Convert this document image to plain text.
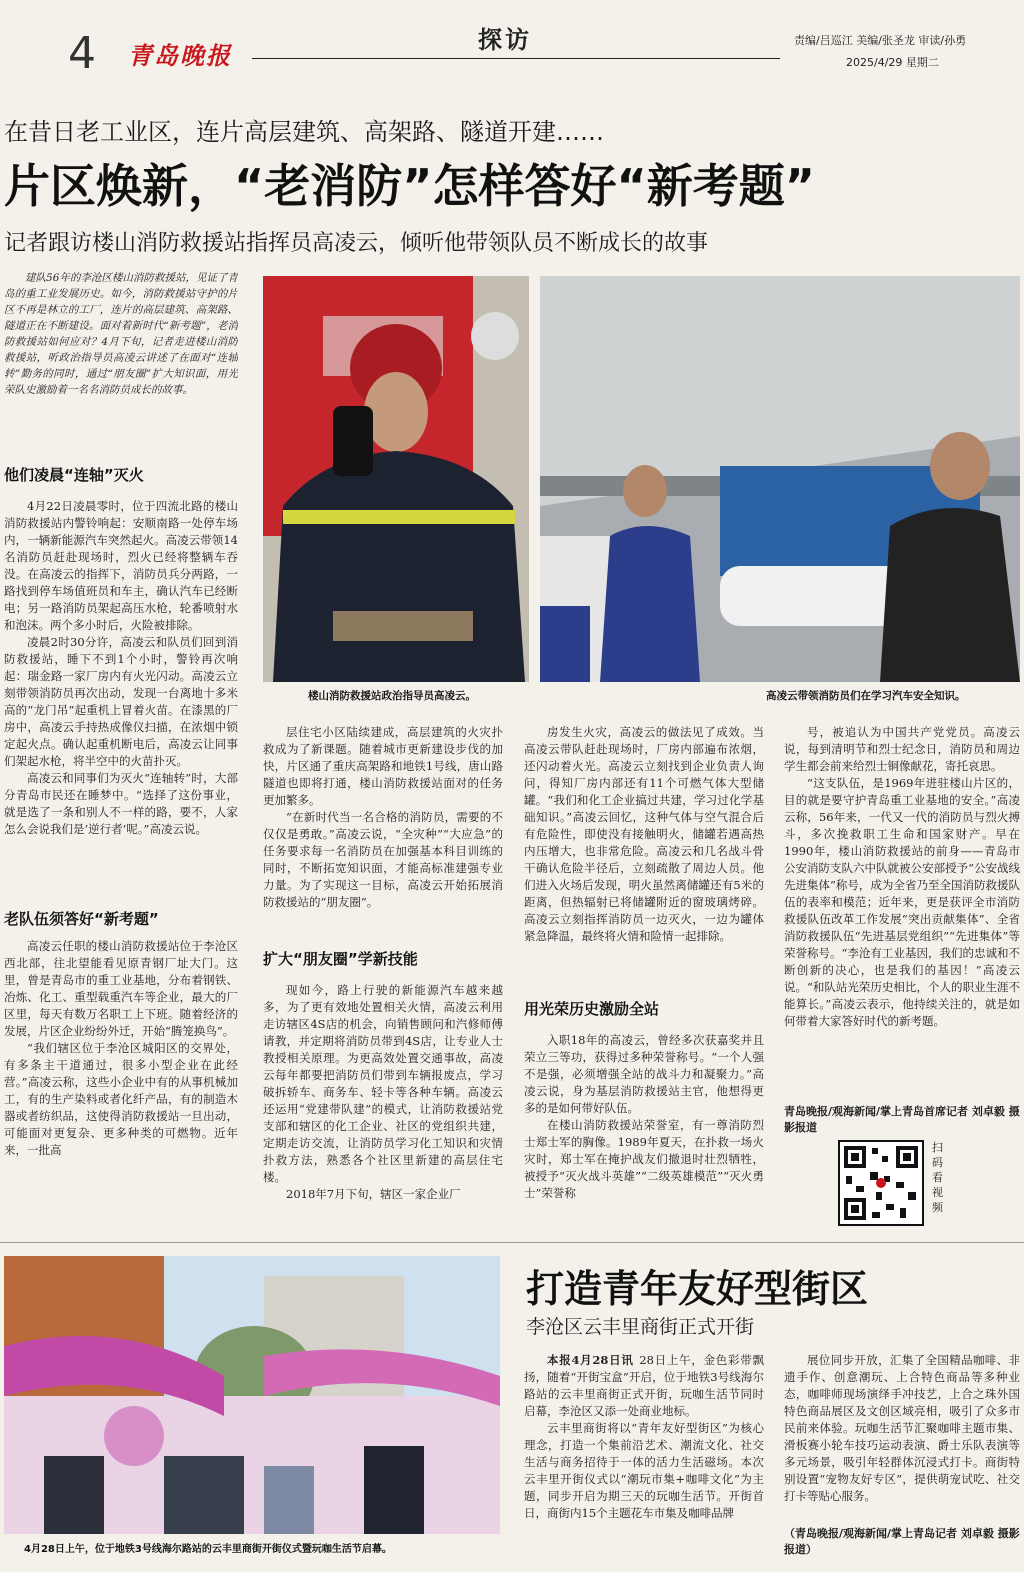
4 青岛晚报
探访	责编/吕巡江 美编/张圣龙 审读/孙勇
2025/4/29 星期二
在昔日老工业区，连片高层建筑、高架路、隧道开建……
片区焕新，“老消防”怎样答好“新考题”
记者跟访楼山消防救援站指挥员高凌云，倾听他带领队员不断成长的故事

建队56年的李沧区楼山消防救援站，见证了青岛的重工业发展历史。如今，消防救援站守护的片区不再是林立的工厂，连片的高层建筑、高架路、隧道正在不断建设。面对着新时代“新考题”，老消防救援站如何应对？4月下旬，记者走进楼山消防救援站，听政治指导员高凌云讲述了在面对“连轴转”勤务的同时，通过“朋友圈”扩大知识面，用光荣队史激励着一名名消防员成长的故事。

他们凌晨“连轴”灭火

4月22日凌晨零时，位于四流北路的楼山消防救援站内警铃响起：安顺南路一处停车场内，一辆新能源汽车突然起火。高凌云带领14名消防员赶赴现场时，烈火已经将整辆车吞没。在高凌云的指挥下，消防员兵分两路，一路找到停车场值班员和车主，确认汽车已经断电；另一路消防员架起高压水枪，轮番喷射水和泡沫。两个多小时后，火险被排除。

凌晨2时30分许，高凌云和队员们回到消防救援站，睡下不到1个小时，警铃再次响起：瑞金路一家厂房内有火光闪动。高凌云立刻带领消防员再次出动，发现一台离地十多米高的“龙门吊”起重机上冒着火苗。在漆黑的厂房中，高凌云手持热成像仪扫描，在浓烟中锁定起火点。确认起重机断电后，高凌云让同事们架起水枪，将半空中的火苗扑灭。

高凌云和同事们为灭火“连轴转”时，大部分青岛市民还在睡梦中。“选择了这份事业，就是选了一条和别人不一样的路，要不，人家怎么会说我们是‘逆行者’呢。”高凌云说。

老队伍须答好“新考题”

高凌云任职的楼山消防救援站位于李沧区西北部，往北望能看见原青钢厂址大门。这里，曾是青岛市的重工业基地，分布着钢铁、冶炼、化工、重型载重汽车等企业，最大的厂区里，每天有数万名职工上下班。随着经济的发展，片区企业纷纷外迁，开始“腾笼换鸟”。

“我们辖区位于李沧区城阳区的交界处，有多条主干道通过，很多小型企业在此经营。”高凌云称，这些小企业中有的从事机械加工，有的生产染料或者化纤产品，有的制造木器或者纺织品，这使得消防救援站一旦出动，可能面对更复杂、更多种类的可燃物。近年来，一批高

楼山消防救援站政治指导员高凌云。	高凌云带领消防员们在学习汽车安全知识。

层住宅小区陆续建成，高层建筑的火灾扑救成为了新课题。随着城市更新建设步伐的加快，片区通了重庆高架路和地铁1号线，唐山路隧道也即将打通，楼山消防救援站面对的任务更加繁多。

“在新时代当一名合格的消防员，需要的不仅仅是勇敢。”高凌云说，“全灾种”“大应急”的任务要求每一名消防员在加强基本科目训练的同时，不断拓宽知识面，才能高标准建强专业力量。为了实现这一目标，高凌云开始拓展消防救援站的“朋友圈”。

扩大“朋友圈”学新技能

现如今，路上行驶的新能源汽车越来越多，为了更有效地处置相关火情，高凌云利用走访辖区4S店的机会，向销售顾问和汽修师傅请教，并定期将消防员带到4S店，让专业人士教授相关原理。为更高效处置交通事故，高凌云每年都要把消防员们带到车辆报废点，学习破拆轿车、商务车、轻卡等各种车辆。高凌云还运用“党建带队建”的模式，让消防救援站党支部和辖区的化工企业、社区的党组织共建，定期走访交流，让消防员学习化工知识和灾情扑救方法，熟悉各个社区里新建的高层住宅楼。

2018年7月下旬，辖区一家企业厂

房发生火灾，高凌云的做法见了成效。当高凌云带队赶赴现场时，厂房内部遍布浓烟，还闪动着火光。高凌云立刻找到企业负责人询问，得知厂房内部还有11个可燃气体大型储罐。“我们和化工企业搞过共建，学习过化学基础知识。”高凌云回忆，这种气体与空气混合后有危险性，即使没有接触明火，储罐若遇高热内压增大，也非常危险。高凌云和几名战斗骨干确认危险半径后，立刻疏散了周边人员。他们进入火场后发现，明火虽然离储罐还有5米的距离，但热辐射已将储罐附近的窗玻璃烤碎。高凌云立刻指挥消防员一边灭火，一边为罐体紧急降温，最终将火情和险情一起排除。

用光荣历史激励全站

入职18年的高凌云，曾经多次获嘉奖并且荣立三等功，获得过多种荣誉称号。“一个人强不是强，必须增强全站的战斗力和凝聚力。”高凌云说，身为基层消防救援站主官，他想得更多的是如何带好队伍。

在楼山消防救援站荣誉室，有一尊消防烈士郑士军的胸像。1989年夏天，在扑救一场火灾时，郑士军在掩护战友们撤退时壮烈牺牲，被授予“灭火战斗英雄”“二级英雄模范”“灭火勇士”荣誉称

号，被追认为中国共产党党员。高凌云说，每到清明节和烈士纪念日，消防员和周边学生都会前来给烈士铜像献花，寄托哀思。

“这支队伍，是1969年进驻楼山片区的，目的就是要守护青岛重工业基地的安全。”高凌云称，56年来，一代又一代的消防员与烈火搏斗，多次挽救职工生命和国家财产。早在1990年，楼山消防救援站的前身——青岛市公安消防支队六中队就被公安部授予“公安战线先进集体”称号，成为全省乃至全国消防救援队伍的表率和模范；近年来，更是获评全市消防救援队伍改革工作发展“突出贡献集体”、全省消防救援队伍“先进基层党组织”“先进集体”等荣誉称号。“李沧有工业基因，我们的忠诚和不断创新的决心，也是我们的基因！”高凌云说。“和队站光荣历史相比，个人的职业生涯不能算长。”高凌云表示，他持续关注的，就是如何带着大家答好时代的新考题。

青岛晚报/观海新闻/掌上青岛首席记者 刘卓毅 摄影报道
扫码看视频
4月28日上午，位于地铁3号线海尔路站的云丰里商街开街仪式暨玩咖生活节启幕。
打造青年友好型街区
李沧区云丰里商街正式开街

本报4月28日讯  28日上午，金色彩带飘扬，随着“开街宝盒”开启，位于地铁3号线海尔路站的云丰里商街正式开街，玩咖生活节同时启幕，李沧区又添一处商业地标。

云丰里商街将以“青年友好型街区”为核心理念，打造一个集前沿艺术、潮流文化、社交生活与商务招待于一体的活力生活磁场。本次云丰里开街仪式以“潮玩市集+咖啡文化”为主题，同步开启为期三天的玩咖生活节。开街首日，商街内15个主题花车市集及咖啡品牌

展位同步开放，汇集了全国精品咖啡、非遗手作、创意潮玩、上合特色商品等多种业态，咖啡师现场演绎手冲技艺，上合之珠外国特色商品展区及文创区域亮相，吸引了众多市民前来体验。玩咖生活节汇聚咖啡主题市集、滑板赛小轮车技巧运动表演、爵士乐队表演等多元场景，吸引年轻群体沉浸式打卡。商街特别设置“宠物友好专区”，提供萌宠试吃、社交打卡等贴心服务。

（青岛晚报/观海新闻/掌上青岛记者 刘卓毅 摄影报道）
